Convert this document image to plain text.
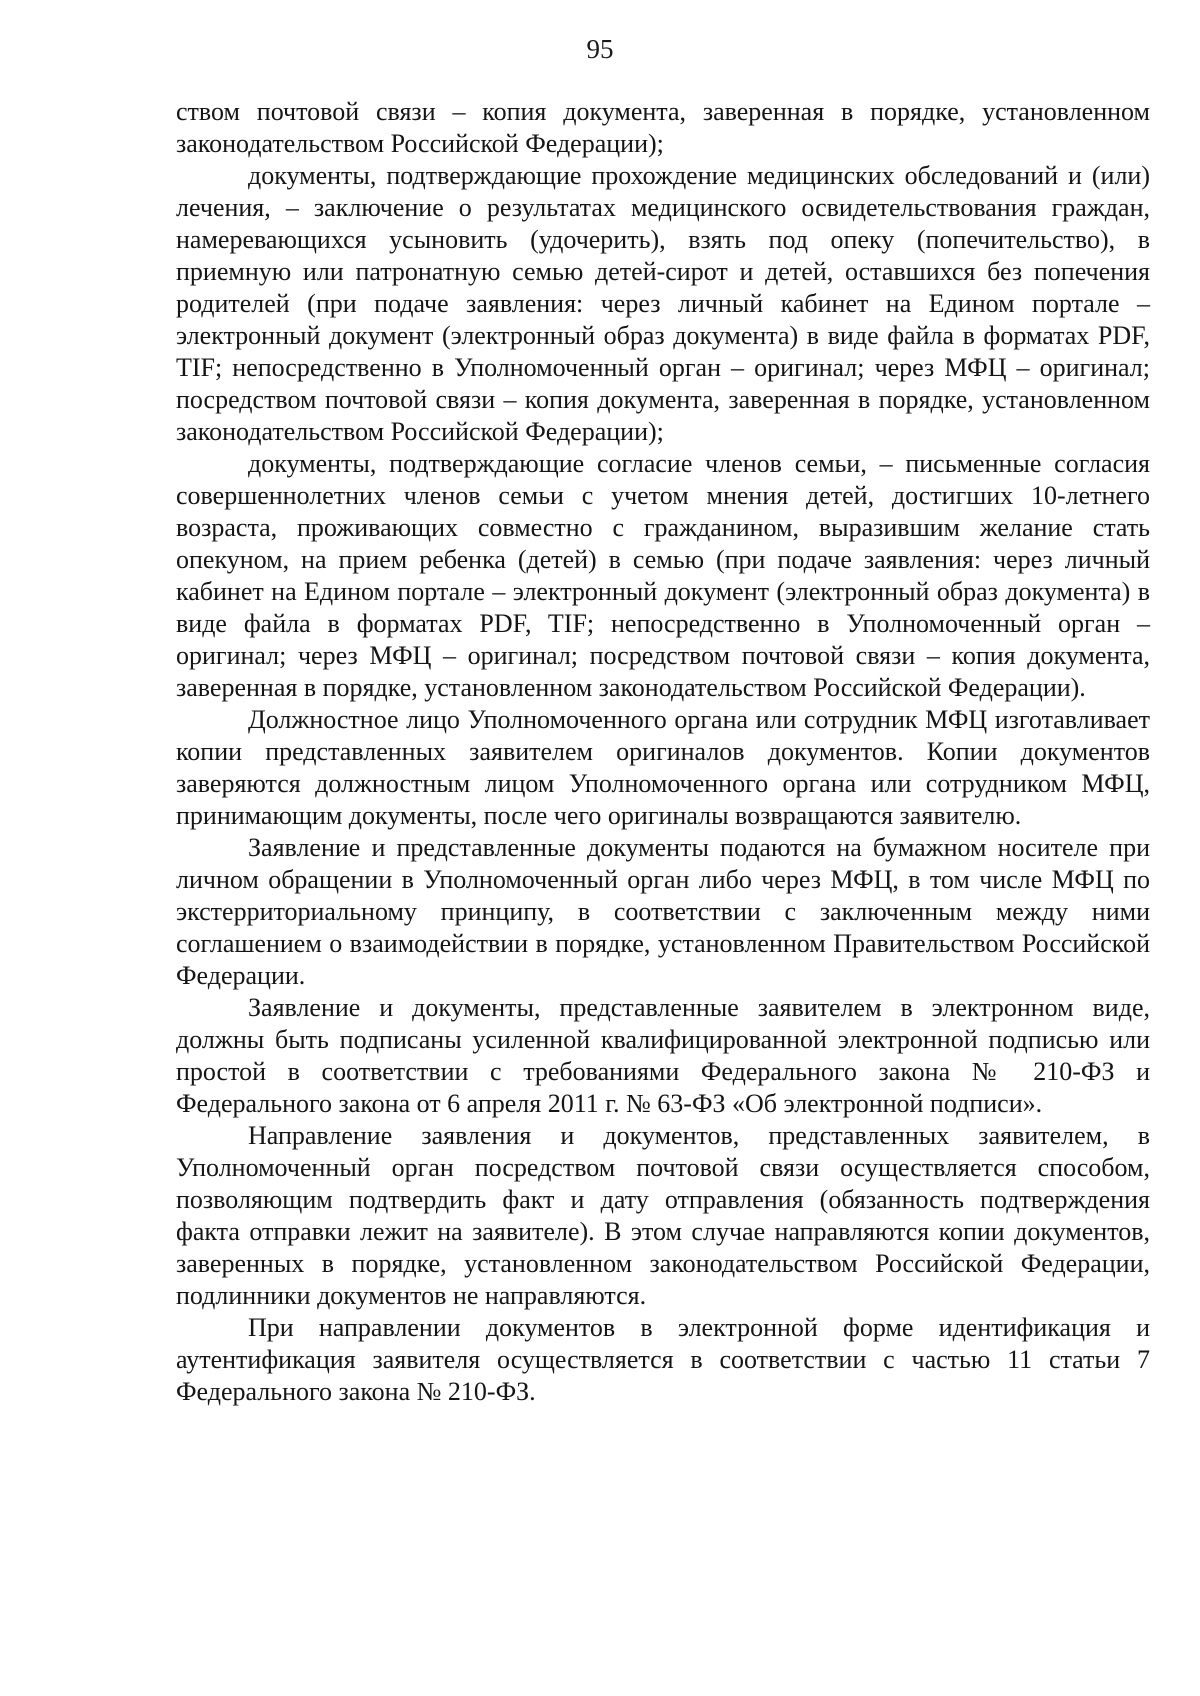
95

ством почтовой связи – копия документа, заверенная в порядке, установленном законодательством Российской Федерации);

документы, подтверждающие прохождение медицинских обследований и (или) лечения, – заключение о результатах медицинского освидетельствования граждан, намеревающихся усыновить (удочерить), взять под опеку (попечительство), в приемную или патронатную семью детей-сирот и детей, оставшихся без попечения родителей (при подаче заявления: через личный кабинет на Едином портале – электронный документ (электронный образ документа) в виде файла в форматах PDF, TIF; непосредственно в Уполномоченный орган – оригинал; через МФЦ – оригинал; посредством почтовой связи – копия документа, заверенная в порядке, установленном законодательством Российской Федерации);

документы, подтверждающие согласие членов семьи, – письменные согласия совершеннолетних членов семьи с учетом мнения детей, достигших 10-летнего возраста, проживающих совместно с гражданином, выразившим желание стать опекуном, на прием ребенка (детей) в семью (при подаче заявления: через личный кабинет на Едином портале – электронный документ (электронный образ документа) в виде файла в форматах PDF, TIF; непосредственно в Уполномоченный орган – оригинал; через МФЦ – оригинал; посредством почтовой связи – копия документа, заверенная в порядке, установленном законодательством Российской Федерации).

Должностное лицо Уполномоченного органа или сотрудник МФЦ изготавливает копии представленных заявителем оригиналов документов. Копии документов заверяются должностным лицом Уполномоченного органа или сотрудником МФЦ, принимающим документы, после чего оригиналы возвращаются заявителю.

Заявление и представленные документы подаются на бумажном носителе при личном обращении в Уполномоченный орган либо через МФЦ, в том числе МФЦ по экстерриториальному принципу, в соответствии с заключенным между ними соглашением о взаимодействии в порядке, установленном Правительством Российской Федерации.

Заявление и документы, представленные заявителем в электронном виде, должны быть подписаны усиленной квалифицированной электронной подписью или простой в соответствии с требованиями Федерального закона № 210-ФЗ и Федерального закона от 6 апреля 2011 г. № 63-ФЗ «Об электронной подписи».

Направление заявления и документов, представленных заявителем, в Уполномоченный орган посредством почтовой связи осуществляется способом, позволяющим подтвердить факт и дату отправления (обязанность подтверждения факта отправки лежит на заявителе). В этом случае направляются копии документов, заверенных в порядке, установленном законодательством Российской Федерации, подлинники документов не направляются.

При направлении документов в электронной форме идентификация и аутентификация заявителя осуществляется в соответствии с частью 11 статьи 7 Федерального закона № 210-ФЗ.
